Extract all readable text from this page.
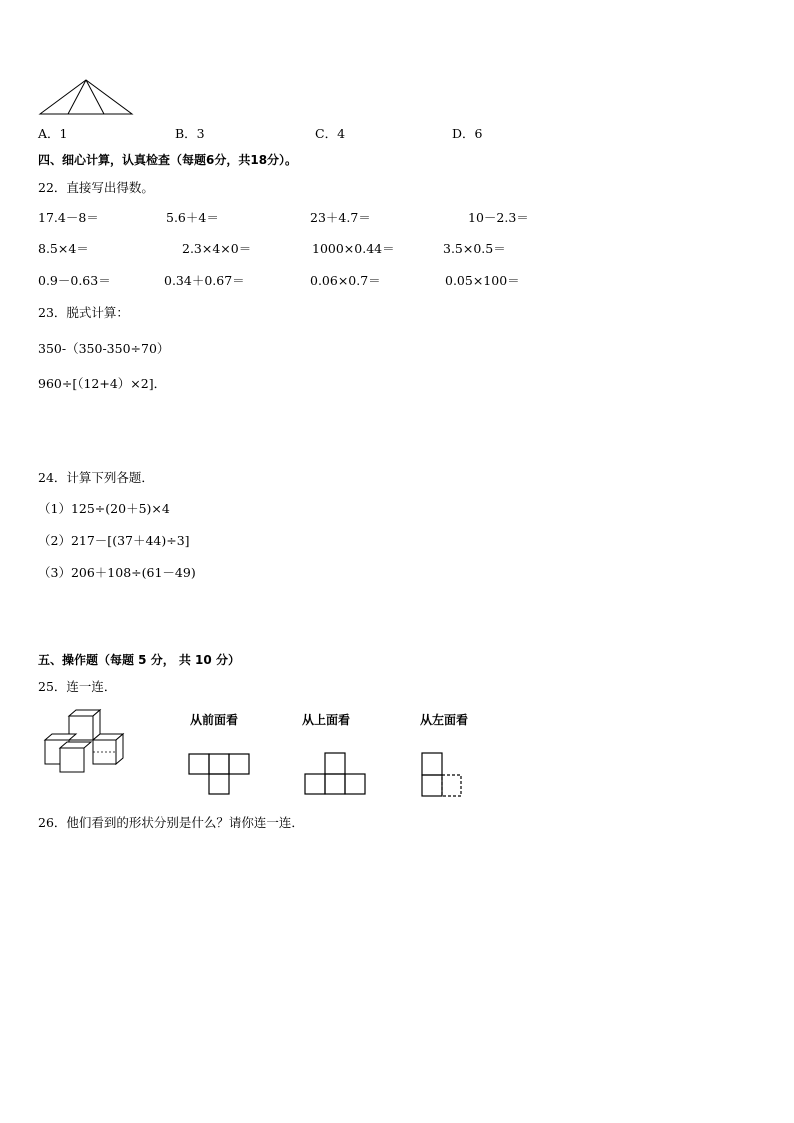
A．1	B．3	C．4	D．6
四、细心计算，认真检查（每题6分，共18分）。
22．直接写出得数。
17.4－8＝	5.6＋4＝	23＋4.7＝	10－2.3＝
8.5×4＝	2.3×4×0＝	1000×0.44＝	3.5×0.5＝
0.9－0.63＝	0.34＋0.67＝	0.06×0.7＝	0.05×100＝
23．脱式计算：
350-（350-350÷70）
960÷[（12+4）×2]．
24．计算下列各题．
（1）125÷(20＋5)×4
（2）217－[(37＋44)÷3]
（3）206＋108÷(61－49)
五、操作题（每题 5 分， 共 10 分）
25．连一连．
从前面看	从上面看	从左面看
26．他们看到的形状分别是什么？请你连一连．
